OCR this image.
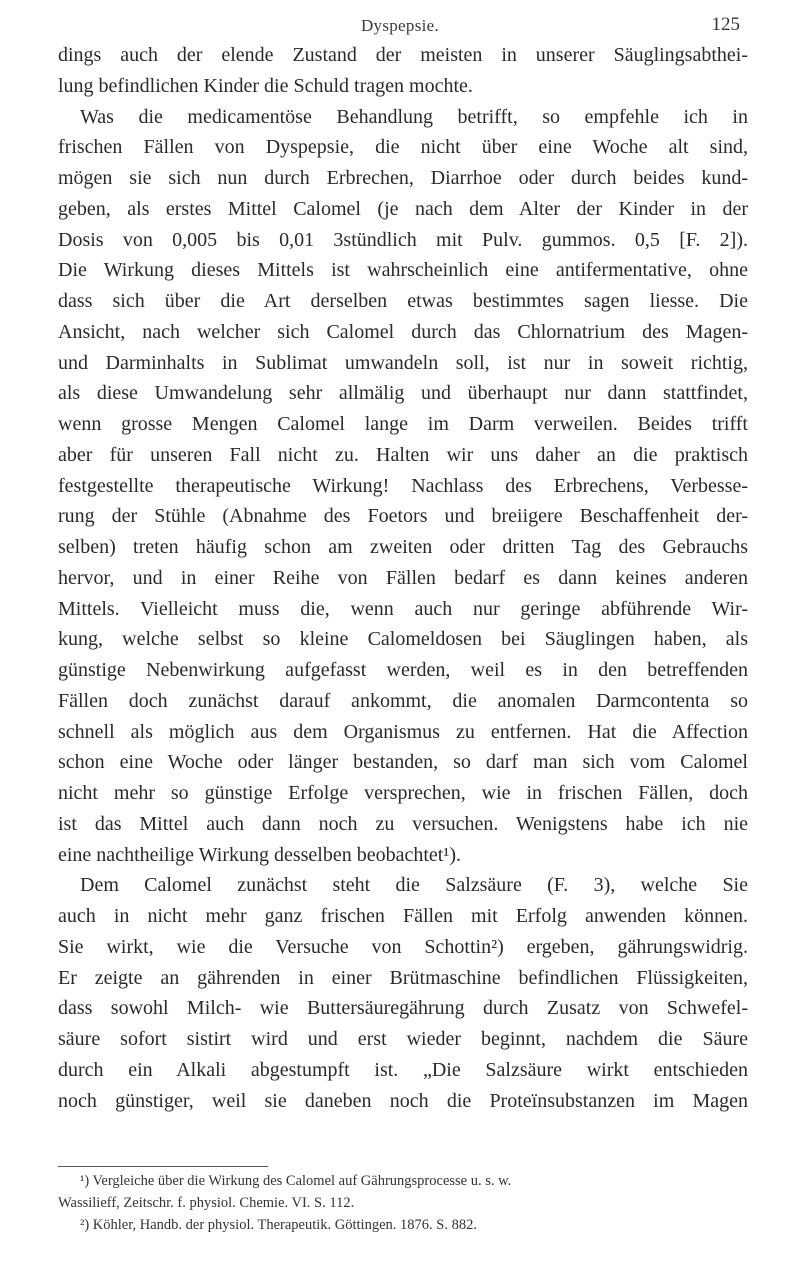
Dyspepsie.	125
dings auch der elende Zustand der meisten in unserer Säuglingsabthei-
lung befindlichen Kinder die Schuld tragen mochte.
Was die medicamentöse Behandlung betrifft, so empfehle ich in
frischen Fällen von Dyspepsie, die nicht über eine Woche alt sind,
mögen sie sich nun durch Erbrechen, Diarrhoe oder durch beides kund-
geben, als erstes Mittel Calomel (je nach dem Alter der Kinder in der
Dosis von 0,005 bis 0,01 3stündlich mit Pulv. gummos. 0,5 [F. 2]).
Die Wirkung dieses Mittels ist wahrscheinlich eine antifermentative, ohne
dass sich über die Art derselben etwas bestimmtes sagen liesse. Die
Ansicht, nach welcher sich Calomel durch das Chlornatrium des Magen-
und Darminhalts in Sublimat umwandeln soll, ist nur in soweit richtig,
als diese Umwandelung sehr allmälig und überhaupt nur dann stattfindet,
wenn grosse Mengen Calomel lange im Darm verweilen. Beides trifft
aber für unseren Fall nicht zu. Halten wir uns daher an die praktisch
festgestellte therapeutische Wirkung! Nachlass des Erbrechens, Verbesse-
rung der Stühle (Abnahme des Foetors und breiigere Beschaffenheit der-
selben) treten häufig schon am zweiten oder dritten Tag des Gebrauchs
hervor, und in einer Reihe von Fällen bedarf es dann keines anderen
Mittels. Vielleicht muss die, wenn auch nur geringe abführende Wir-
kung, welche selbst so kleine Calomeldosen bei Säuglingen haben, als
günstige Nebenwirkung aufgefasst werden, weil es in den betreffenden
Fällen doch zunächst darauf ankommt, die anomalen Darmcontenta so
schnell als möglich aus dem Organismus zu entfernen. Hat die Affection
schon eine Woche oder länger bestanden, so darf man sich vom Calomel
nicht mehr so günstige Erfolge versprechen, wie in frischen Fällen, doch
ist das Mittel auch dann noch zu versuchen. Wenigstens habe ich nie
eine nachtheilige Wirkung desselben beobachtet¹).
Dem Calomel zunächst steht die Salzsäure (F. 3), welche Sie
auch in nicht mehr ganz frischen Fällen mit Erfolg anwenden können.
Sie wirkt, wie die Versuche von Schottin²) ergeben, gährungswidrig.
Er zeigte an gährenden in einer Brütmaschine befindlichen Flüssigkeiten,
dass sowohl Milch- wie Buttersäuregährung durch Zusatz von Schwefel-
säure sofort sistirt wird und erst wieder beginnt, nachdem die Säure
durch ein Alkali abgestumpft ist. „Die Salzsäure wirkt entschieden
noch günstiger, weil sie daneben noch die Proteïnsubstanzen im Magen
¹) Vergleiche über die Wirkung des Calomel auf Gährungsprocesse u. s. w.
Wassilieff, Zeitschr. f. physiol. Chemie. VI. S. 112.
²) Köhler, Handb. der physiol. Therapeutik. Göttingen. 1876. S. 882.
